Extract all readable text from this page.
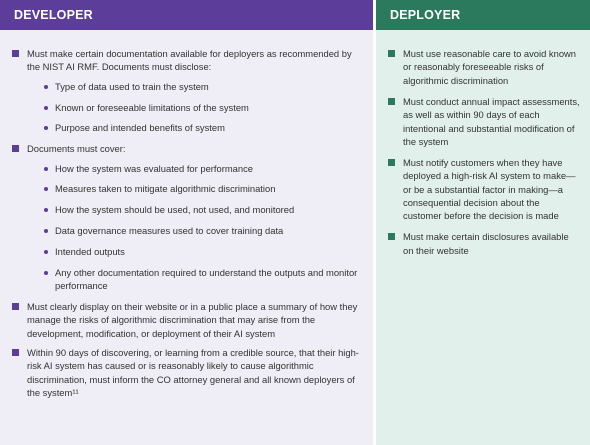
DEVELOPER
Must make certain documentation available for deployers as recommended by the NIST AI RMF. Documents must disclose:
Type of data used to train the system
Known or foreseeable limitations of the system
Purpose and intended benefits of system
Documents must cover:
How the system was evaluated for performance
Measures taken to mitigate algorithmic discrimination
How the system should be used, not used, and monitored
Data governance measures used to cover training data
Intended outputs
Any other documentation required to understand the outputs and monitor performance
Must clearly display on their website or in a public place a summary of how they manage the risks of algorithmic discrimination that may arise from the development, modification, or deployment of their AI system
Within 90 days of discovering, or learning from a credible source, that their high-risk AI system has caused or is reasonably likely to cause algorithmic discrimination, must inform the CO attorney general and all known deployers of the system¹¹
DEPLOYER
Must use reasonable care to avoid known or reasonably foreseeable risks of algorithmic discrimination
Must conduct annual impact assessments, as well as within 90 days of each intentional and substantial modification of the system
Must notify customers when they have deployed a high-risk AI system to make—or be a substantial factor in making—a consequential decision about the customer before the decision is made
Must make certain disclosures available on their website
